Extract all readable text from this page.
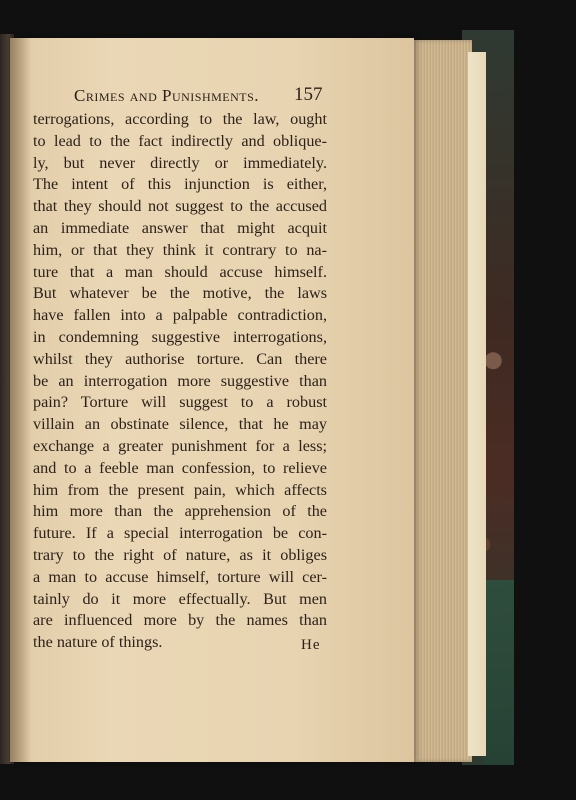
Crimes and Punishments.	157
terrogations, according to the law, ought
to lead to the fact indirectly and oblique-
ly, but never directly or immediately.
The intent of this injunction is either,
that they should not suggest to the accused
an immediate answer that might acquit
him, or that they think it contrary to na-
ture that a man should accuse himself.
But whatever be the motive, the laws
have fallen into a palpable contradiction,
in condemning suggestive interrogations,
whilst they authorise torture. Can there
be an interrogation more suggestive than
pain? Torture will suggest to a robust
villain an obstinate silence, that he may
exchange a greater punishment for a less;
and to a feeble man confession, to relieve
him from the present pain, which affects
him more than the apprehension of the
future. If a special interrogation be con-
trary to the right of nature, as it obliges
a man to accuse himself, torture will cer-
tainly do it more effectually. But men
are influenced more by the names than
the nature of things.	He
